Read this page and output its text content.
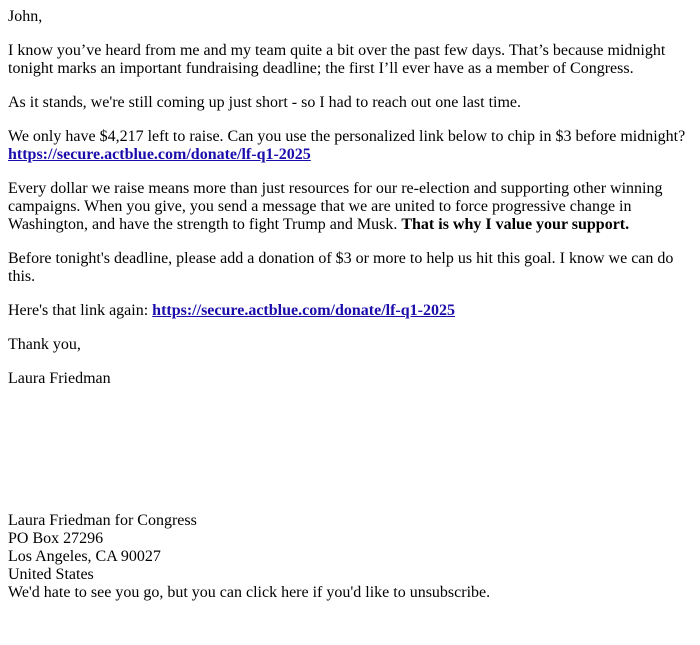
John,

I know you’ve heard from me and my team quite a bit over the past few days. That’s because midnight tonight marks an important fundraising deadline; the first I’ll ever have as a member of Congress.

As it stands, we're still coming up just short - so I had to reach out one last time.

We only have $4,217 left to raise. Can you use the personalized link below to chip in $3 before midnight? https://secure.actblue.com/donate/lf-q1-2025

Every dollar we raise means more than just resources for our re-election and supporting other winning campaigns. When you give, you send a message that we are united to force progressive change in Washington, and have the strength to fight Trump and Musk. That is why I value your support.

Before tonight's deadline, please add a donation of $3 or more to help us hit this goal. I know we can do this.

Here's that link again: https://secure.actblue.com/donate/lf-q1-2025

Thank you,

Laura Friedman

Laura Friedman for Congress
PO Box 27296
Los Angeles, CA 90027
United States
We'd hate to see you go, but you can click here if you'd like to unsubscribe.
